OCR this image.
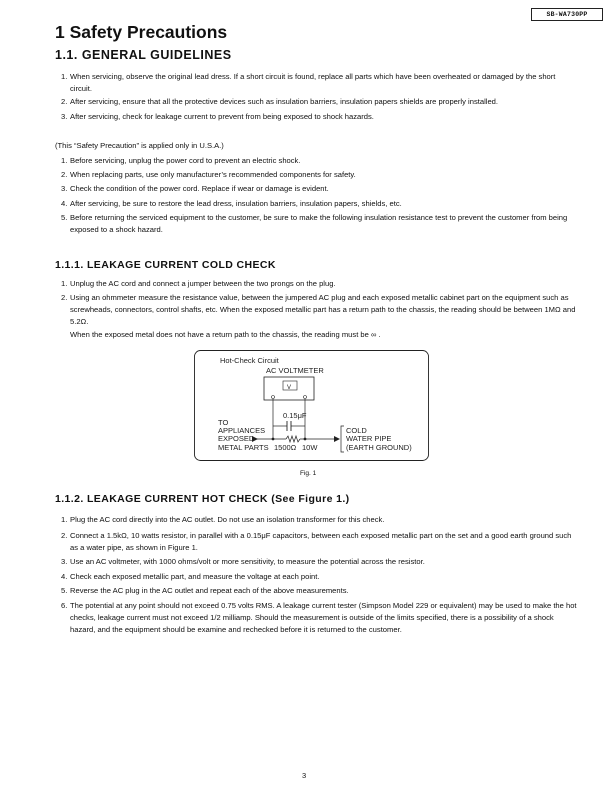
SB-WA730PP
1 Safety Precautions
1.1. GENERAL GUIDELINES
1. When servicing, observe the original lead dress. If a short circuit is found, replace all parts which have been overheated or damaged by the short circuit.
2. After servicing, ensure that all the protective devices such as insulation barriers, insulation papers shields are properly installed.
3. After servicing, check for leakage current to prevent from being exposed to shock hazards.
(This “Safety Precaution” is applied only in U.S.A.)
1. Before servicing, unplug the power cord to prevent an electric shock.
2. When replacing parts, use only manufacturer’s recommended components for safety.
3. Check the condition of the power cord. Replace if wear or damage is evident.
4. After servicing, be sure to restore the lead dress, insulation barriers, insulation papers, shields, etc.
5. Before returning the serviced equipment to the customer, be sure to make the following insulation resistance test to prevent the customer from being exposed to a shock hazard.
1.1.1. LEAKAGE CURRENT COLD CHECK
1. Unplug the AC cord and connect a jumper between the two prongs on the plug.
2. Using an ohmmeter measure the resistance value, between the jumpered AC plug and each exposed metallic cabinet part on the equipment such as screwheads, connectors, control shafts, etc. When the exposed metallic part has a return path to the chassis, the reading should be between 1MΩ and 5.2Ω.
When the exposed metal does not have a return path to the chassis, the reading must be ∞ .
Hot-Check Circuit
AC VOLTMETER
V
0.15μF
TO
APPLIANCES
EXPOSED
METAL PARTS 1500Ω 10W
COLD
WATER PIPE
(EARTH GROUND)
Fig. 1
1.1.2. LEAKAGE CURRENT HOT CHECK (See Figure 1.)
1. Plug the AC cord directly into the AC outlet. Do not use an isolation transformer for this check.
2. Connect a 1.5kΩ, 10 watts resistor, in parallel with a 0.15μF capacitors, between each exposed metallic part on the set and a good earth ground such as a water pipe, as shown in Figure 1.
3. Use an AC voltmeter, with 1000 ohms/volt or more sensitivity, to measure the potential across the resistor.
4. Check each exposed metallic part, and measure the voltage at each point.
5. Reverse the AC plug in the AC outlet and repeat each of the above measurements.
6. The potential at any point should not exceed 0.75 volts RMS. A leakage current tester (Simpson Model 229 or equivalent) may be used to make the hot checks, leakage current must not exceed 1/2 milliamp. Should the measurement is outside of the limits specified, there is a possibility of a shock hazard, and the equipment should be examine and rechecked before it is returned to the customer.
3
